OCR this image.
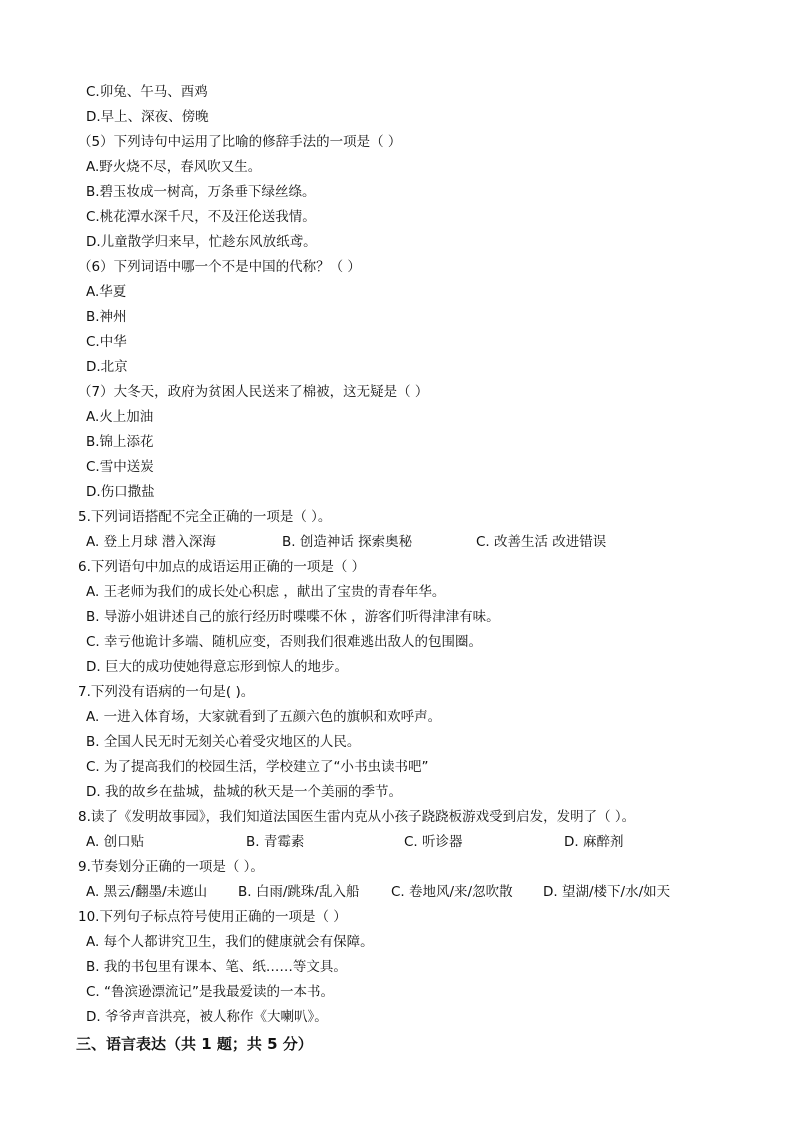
C.卯兔、午马、酉鸡
D.早上、深夜、傍晚
（5）下列诗句中运用了比喻的修辞手法的一项是（ ）
A.野火烧不尽，春风吹又生。
B.碧玉妆成一树高，万条垂下绿丝绦。
C.桃花潭水深千尺，不及汪伦送我情。
D.儿童散学归来早，忙趁东风放纸鸢。
（6）下列词语中哪一个不是中国的代称？（ ）
A.华夏
B.神州
C.中华
D.北京
（7）大冬天，政府为贫困人民送来了棉被，这无疑是（ ）
A.火上加油
B.锦上添花
C.雪中送炭
D.伤口撒盐
5.下列词语搭配不完全正确的一项是（ ）。
A. 登上月球 潜入深海	B. 创造神话 探索奥秘	C. 改善生活 改进错误
6.下列语句中加点的成语运用正确的一项是（ ）
A. 王老师为我们的成长处心积虑 ，献出了宝贵的青春年华。
B. 导游小姐讲述自己的旅行经历时喋喋不休 ，游客们听得津津有味。
C. 幸亏他诡计多端、随机应变，否则我们很难逃出敌人的包围圈。
D. 巨大的成功使她得意忘形到惊人的地步。
7.下列没有语病的一句是( )。
A. 一进入体育场，大家就看到了五颜六色的旗帜和欢呼声。
B. 全国人民无时无刻关心着受灾地区的人民。
C. 为了提高我们的校园生活，学校建立了“小书虫读书吧”
D. 我的故乡在盐城，盐城的秋天是一个美丽的季节。
8.读了《发明故事园》，我们知道法国医生雷内克从小孩子跷跷板游戏受到启发，发明了（ ）。
A. 创口贴	B. 青霉素	C. 听诊器	D. 麻醉剂
9.节奏划分正确的一项是（ ）。
A. 黑云/翻墨/未遮山 B. 白雨/跳珠/乱入船 C. 卷地风/来/忽吹散 D. 望湖/楼下/水/如天
10.下列句子标点符号使用正确的一项是（ ）
A. 每个人都讲究卫生，我们的健康就会有保障。
B. 我的书包里有课本、笔、纸……等文具。
C. “鲁滨逊漂流记”是我最爱读的一本书。
D. 爷爷声音洪亮，被人称作《大喇叭》。
三、语言表达（共 1 题；共 5 分）
